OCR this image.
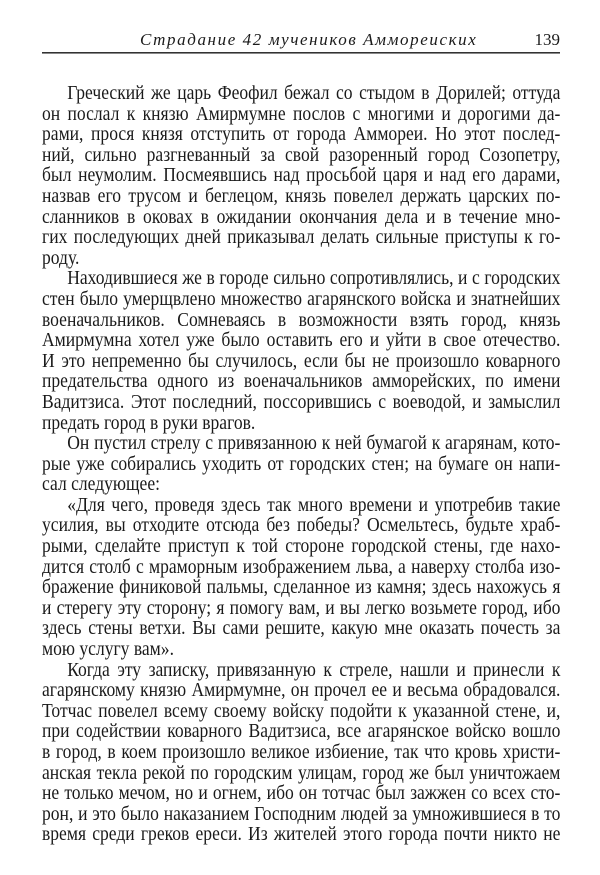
Страдание 42 мучеников Аммореиских	139
Греческий же царь Феофил бежал со стыдом в Дорилей; оттуда
он послал к князю Амирмумне послов с многими и дорогими да-
рами, прося князя отступить от города Аммореи. Но этот послед-
ний, сильно разгневанный за свой разоренный город Созопетру,
был неумолим. Посмеявшись над просьбой царя и над его дарами,
назвав его трусом и беглецом, князь повелел держать царских по-
сланников в оковах в ожидании окончания дела и в течение мно-
гих последующих дней приказывал делать сильные приступы к го-
роду.
Находившиеся же в городе сильно сопротивлялись, и с городских
стен было умерщвлено множество агарянского войска и знатнейших
военачальников. Сомневаясь в возможности взять город, князь
Амирмумна хотел уже было оставить его и уйти в свое отечество.
И это непременно бы случилось, если бы не произошло коварного
предательства одного из военачальников амморейских, по имени
Вадитзиса. Этот последний, поссорившись с воеводой, и замыслил
предать город в руки врагов.
Он пустил стрелу с привязанною к ней бумагой к агарянам, кото-
рые уже собирались уходить от городских стен; на бумаге он напи-
сал следующее:
«Для чего, проведя здесь так много времени и употребив такие
усилия, вы отходите отсюда без победы? Осмельтесь, будьте храб-
рыми, сделайте приступ к той стороне городской стены, где нахо-
дится столб с мраморным изображением льва, а наверху столба изо-
бражение финиковой пальмы, сделанное из камня; здесь нахожусь я
и стерегу эту сторону; я помогу вам, и вы легко возьмете город, ибо
здесь стены ветхи. Вы сами решите, какую мне оказать почесть за
мою услугу вам».
Когда эту записку, привязанную к стреле, нашли и принесли к
агарянскому князю Амирмумне, он прочел ее и весьма обрадовался.
Тотчас повелел всему своему войску подойти к указанной стене, и,
при содействии коварного Вадитзиса, все агарянское войско вошло
в город, в коем произошло великое избиение, так что кровь христи-
анская текла рекой по городским улицам, город же был уничтожаем
не только мечом, но и огнем, ибо он тотчас был зажжен со всех сто-
рон, и это было наказанием Господним людей за умножившиеся в то
время среди греков ереси. Из жителей этого города почти никто не
